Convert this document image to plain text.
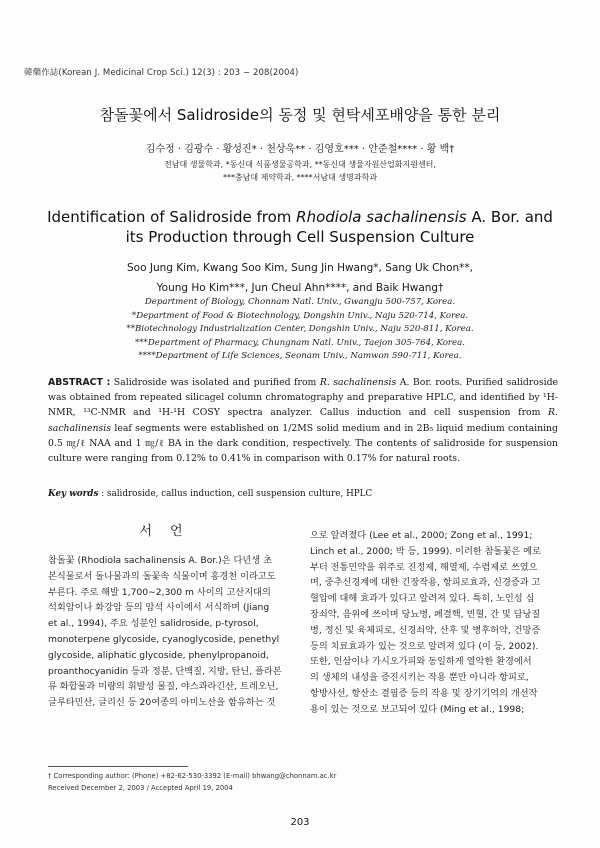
韓藥作誌(Korean J. Medicinal Crop Sci.) 12(3) : 203 − 208(2004)
참돌꽃에서 Salidroside의 동정 및 현탁세포배양을 통한 분리
김수정 · 김광수 · 황성진* · 천상욱** · 김영호*** · 안준철**** · 황 백†
전남대 생물학과, *동신대 식품생물공학과, **동신대 생물자원산업화지원센터,
***충남대 제약학과, ****서남대 생명과학과
Identification of Salidroside from Rhodiola sachalinensis A. Bor. and
its Production through Cell Suspension Culture
Soo Jung Kim, Kwang Soo Kim, Sung Jin Hwang*, Sang Uk Chon**,
Young Ho Kim***, Jun Cheul Ahn****, and Baik Hwang†
Department of Biology, Chonnam Natl. Univ., Gwangju 500-757, Korea.
*Department of Food & Biotechnology, Dongshin Univ., Naju 520-714, Korea.
**Biotechnology Industrialization Center, Dongshin Univ., Naju 520-811, Korea.
***Department of Pharmacy, Chungnam Natl. Univ., Taejon 305-764, Korea.
****Department of Life Sciences, Seonam Univ., Namwon 590-711, Korea.
ABSTRACT : Salidroside was isolated and purified from R. sachalinensis A. Bor. roots. Purified salidroside was obtained from repeated silicagel column chromatography and preparative HPLC, and identified by ¹H-NMR, ¹³C-NMR and ¹H-¹H COSY spectra analyzer. Callus induction and cell suspension from R. sachalinensis leaf segments were established on 1/2MS solid medium and in 2B₅ liquid medium containing 0.5 ㎎/ℓ NAA and 1 ㎎/ℓ BA in the dark condition, respectively. The contents of salidroside for suspension culture were ranging from 0.12% to 0.41% in comparison with 0.17% for natural roots.
Key words : salidroside, callus induction, cell suspension culture, HPLC
서언
참돌꽃 (Rhodiola sachalinensis A. Bor.)은 다년생 초
본식물로서 돌나물과의 돌꽃속 식물이며 홍경천 이라고도
부른다. 주로 해발 1,700∼2,300 m 사이의 고산지대의
석회암이나 화강암 등의 암석 사이에서 서식하며 (Jiang
et al., 1994), 주요 성분인 salidroside, p-tyrosol,
monoterpene glycoside, cyanoglycoside, penethyl
glycoside, aliphatic glycoside, phenylpropanoid,
proanthocyanidin 등과 정분, 단백질, 지방, 탄닌, 플라본
류 화합물과 미량의 휘발성 물질, 야스콰라긴산, 트레오닌,
글루타민산, 글리신 등 20여종의 아미노산을 함유하는 것
으로 알려졌다 (Lee et al., 2000; Zong et al., 1991;
Linch et al., 2000; 박 등, 1999). 이러한 참돌꽃은 예로
부터 전통민약을 위주로 진정제, 해열제, 수렴제로 쓰였으
며, 중추신경계에 대한 긴장작용, 항피로효과, 신경증과 고
혈압에 대해 효과가 있다고 알려져 있다. 특히, 노인성 심
장쇠약, 음위에 쓰이며 당뇨병, 폐결핵, 빈혈, 간 및 담낭질
병, 정신 및 육체피로, 신경쇠약, 산후 및 병후허약, 건망증
등의 치료효과가 있는 것으로 알려져 있다 (이 등, 2002).
또한, 인삼이나 가시오가피와 동일하게 열악한 환경에서
의 생체의 내성을 증진시키는 작용 뿐만 아니라 항피로,
항방사선, 항산소 결핍증 등의 작용 및 장기기억의 개선작
용이 있는 것으로 보고되어 있다 (Ming et al., 1998;
† Corresponding author: (Phone) +82-62-530-3392 (E-mail) bhwang@chonnam.ac.kr
Received December 2, 2003 / Accepted April 19, 2004
203
